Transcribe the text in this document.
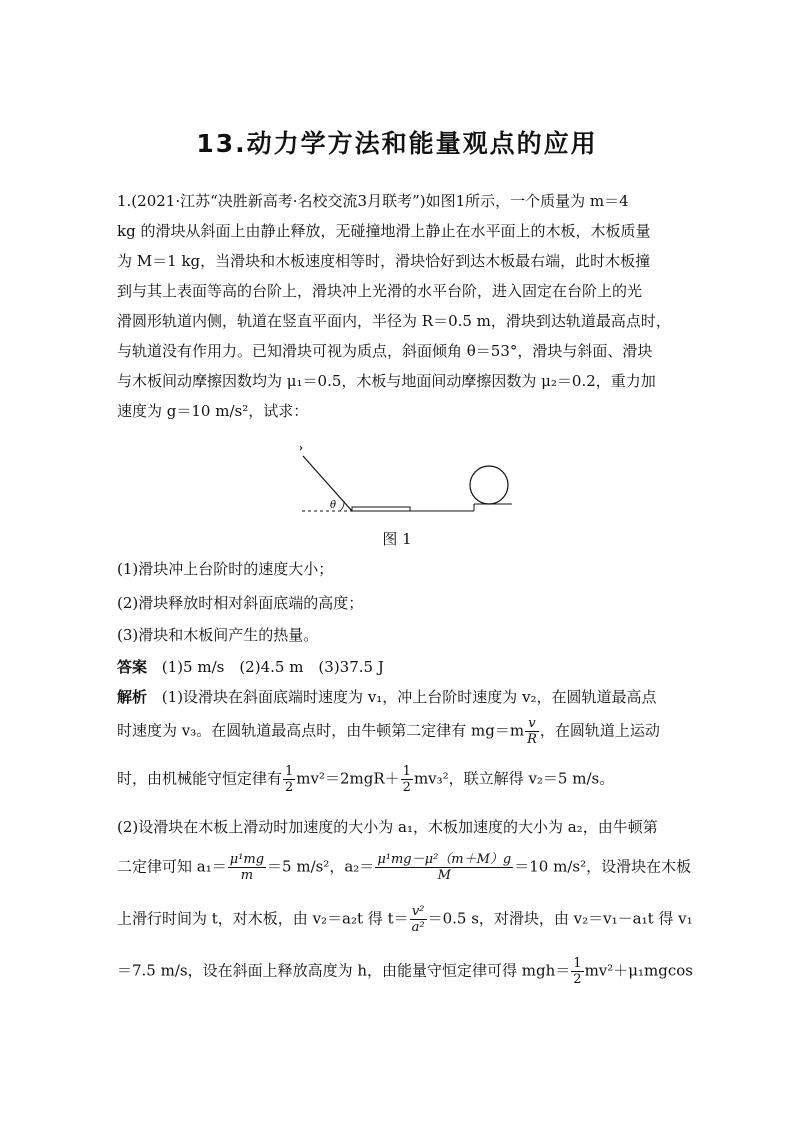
13.动力学方法和能量观点的应用
1.(2021·江苏“决胜新高考·名校交流3月联考”)如图1所示，一个质量为 m＝4
kg 的滑块从斜面上由静止释放，无碰撞地滑上静止在水平面上的木板，木板质量
为 M＝1 kg，当滑块和木板速度相等时，滑块恰好到达木板最右端，此时木板撞
到与其上表面等高的台阶上，滑块冲上光滑的水平台阶，进入固定在台阶上的光
滑圆形轨道内侧，轨道在竖直平面内，半径为 R＝0.5 m，滑块到达轨道最高点时，
与轨道没有作用力。已知滑块可视为质点，斜面倾角 θ＝53°，滑块与斜面、滑块
与木板间动摩擦因数均为 μ₁＝0.5，木板与地面间动摩擦因数为 μ₂＝0.2，重力加
速度为 g＝10 m/s²，试求：
θ
图 1
(1)滑块冲上台阶时的速度大小；
(2)滑块释放时相对斜面底端的高度；
(3)滑块和木板间产生的热量。
答案 (1)5 m/s　(2)4.5 m　(3)37.5 J
解析 (1)设滑块在斜面底端时速度为 v₁，冲上台阶时速度为 v₂，在圆轨道最高点
时速度为 v₃。在圆轨道最高点时，由牛顿第二定律有 $mg=m \frac{v}{R}$ ，在圆轨道上运动
时，由机械能守恒定律有 $\frac{1}{2} mv^2=2mgR+ \frac{1}{2} mv_3^2$，联立解得 v₂＝5 m/s。
(2)设滑块在木板上滑动时加速度的大小为 a₁，木板加速度的大小为 a₂，由牛顿第
二定律可知 $a_1= \frac{\text{μ¹mg}}{m} =5$ m/s²，$a_2= \frac{\text{μ¹mg－μ²（m＋M）g}}{M} =10$ m/s²，设滑块在木板
上滑行时间为 t，对木板，由 v₂＝a₂t 得 $t= \frac{\text{v²}}{\text{a²}} =0.5$ s，对滑块，由 v₂＝v₁－a₁t 得 v₁
＝7.5 m/s，设在斜面上释放高度为 h，由能量守恒定律可得 $mgh= \frac{1}{2} mv^2+\mu_1mgcos$
